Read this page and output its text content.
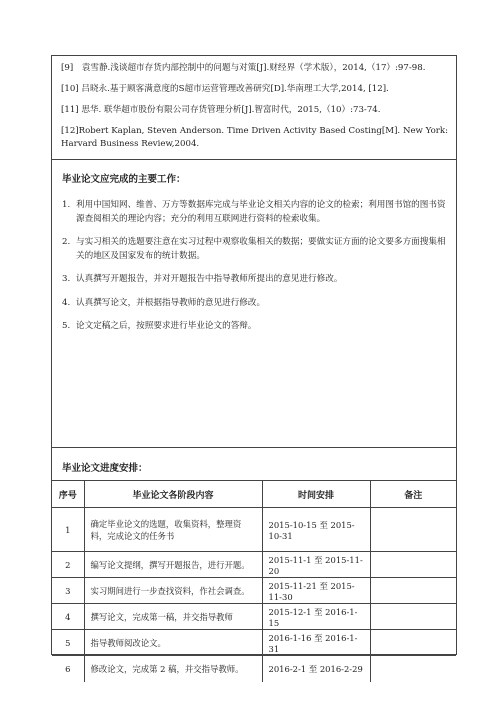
[9]　袁雪静.浅谈超市存货内部控制中的问题与对策[J].财经界（学术版），2014,（17）:97-98.

[10] 吕晓永.基于顾客满意度的S超市运营管理改善研究[D].华南理工大学,2014, [12].

[11] 思华. 联华超市股份有限公司存货管理分析[J].智富时代，2015,（10）:73-74.

[12]Robert Kaplan, Steven Anderson. Time Driven Activity Based Costing[M]. New York: Harvard Business Review,2004.

毕业论文应完成的主要工作：

1. 利用中国知网、维普、万方等数据库完成与毕业论文相关内容的论文的检索；利用图书馆的图书资源查阅相关的理论内容；充分的利用互联网进行资料的检索收集。
2. 与实习相关的选题要注意在实习过程中观察收集相关的数据；要做实证方面的论文要多方面搜集相关的地区及国家发布的统计数据。
3. 认真撰写开题报告，并对开题报告中指导教师所提出的意见进行修改。
4. 认真撰写论文，并根据指导教师的意见进行修改。
5. 论文定稿之后，按照要求进行毕业论文的答辩。

毕业论文进度安排：

序号	毕业论文各阶段内容	时间安排	备注
1	确定毕业论文的选题，收集资料，整理资料，完成论文的任务书	2015-10-15 至 2015-10-31	
2	编写论文提纲，撰写开题报告，进行开题。	2015-11-1 至 2015-11-20	
3	实习期间进行一步查找资料，作社会调查。	2015-11-21 至 2015-11-30	
4	撰写论文，完成第一稿，并交指导教师	2015-12-1 至 2016-1-15	
5	指导教师阅改论文。	2016-1-16 至 2016-1-31	
6	修改论文，完成第 2 稿，并交指导教师。	2016-2-1 至 2016-2-29	
